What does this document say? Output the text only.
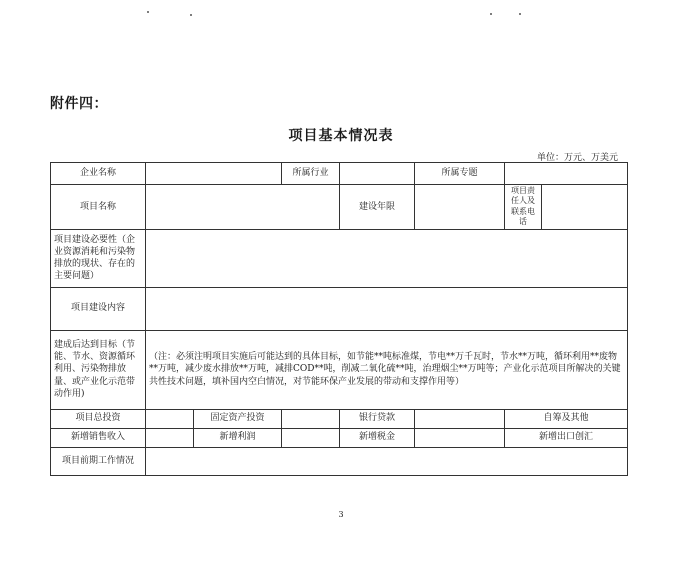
附件四：
项目基本情况表
单位：万元、万美元
企业名称			所属行业		所属专题		
项目名称				建设年限		项目责任人及联系电话	
项目建设必要性（企业资源消耗和污染物排放的现状、存在的主要问题）							
项目建设内容							
建成后达到目标（节能、节水、资源循环利用、污染物排放量、或产业化示范带动作用)	（注：必须注明项目实施后可能达到的具体目标，如节能**吨标准煤，节电**万千瓦时，节水**万吨，循环利用**废物**万吨，减少废水排放**万吨，减排COD**吨，削减二氧化硫**吨，治理烟尘**万吨等；产业化示范项目所解决的关键共性技术问题，填补国内空白情况，对节能环保产业发展的带动和支撑作用等）						
项目总投资		固定资产投资		银行贷款		自筹及其他	
新增销售收入		新增利润		新增税金		新增出口创汇	
项目前期工作情况							
3
